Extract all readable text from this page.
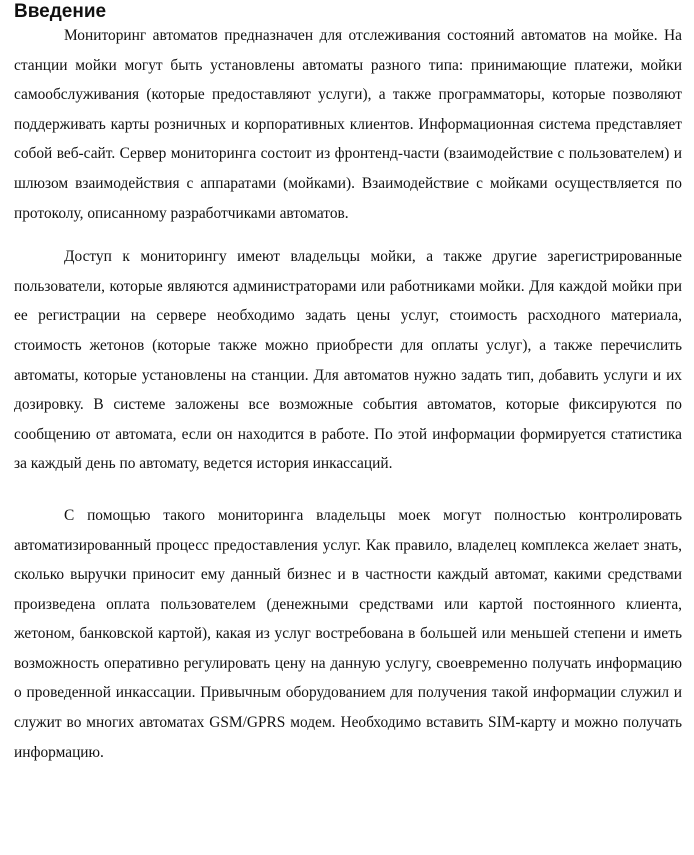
Введение

Мониторинг автоматов предназначен для отслеживания состояний автоматов на мойке. На станции мойки могут быть установлены автоматы разного типа: принимающие платежи, мойки самообслуживания (которые предоставляют услуги), а также программаторы, которые позволяют поддерживать карты розничных и корпоративных клиентов. Информационная система представляет собой веб-сайт. Сервер мониторинга состоит из фронтенд-части (взаимодействие с пользователем) и шлюзом взаимодействия с аппаратами (мойками). Взаимодействие с мойками осуществляется по протоколу, описанному разработчиками автоматов.

Доступ к мониторингу имеют владельцы мойки, а также другие зарегистрированные пользователи, которые являются администраторами или работниками мойки. Для каждой мойки при ее регистрации на сервере необходимо задать цены услуг, стоимость расходного материала, стоимость жетонов (которые также можно приобрести для оплаты услуг), а также перечислить автоматы, которые установлены на станции. Для автоматов нужно задать тип, добавить услуги и их дозировку. В системе заложены все возможные события автоматов, которые фиксируются по сообщению от автомата, если он находится в работе. По этой информации формируется статистика за каждый день по автомату, ведется история инкассаций.

С помощью такого мониторинга владельцы моек могут полностью контролировать автоматизированный процесс предоставления услуг. Как правило, владелец комплекса желает знать, сколько выручки приносит ему данный бизнес и в частности каждый автомат, какими средствами произведена оплата пользователем (денежными средствами или картой постоянного клиента, жетоном, банковской картой), какая из услуг востребована в большей или меньшей степени и иметь возможность оперативно регулировать цену на данную услугу, своевременно получать информацию о проведенной инкассации. Привычным оборудованием для получения такой информации служил и служит во многих автоматах GSM/GPRS модем. Необходимо вставить SIM-карту и можно получать информацию.
